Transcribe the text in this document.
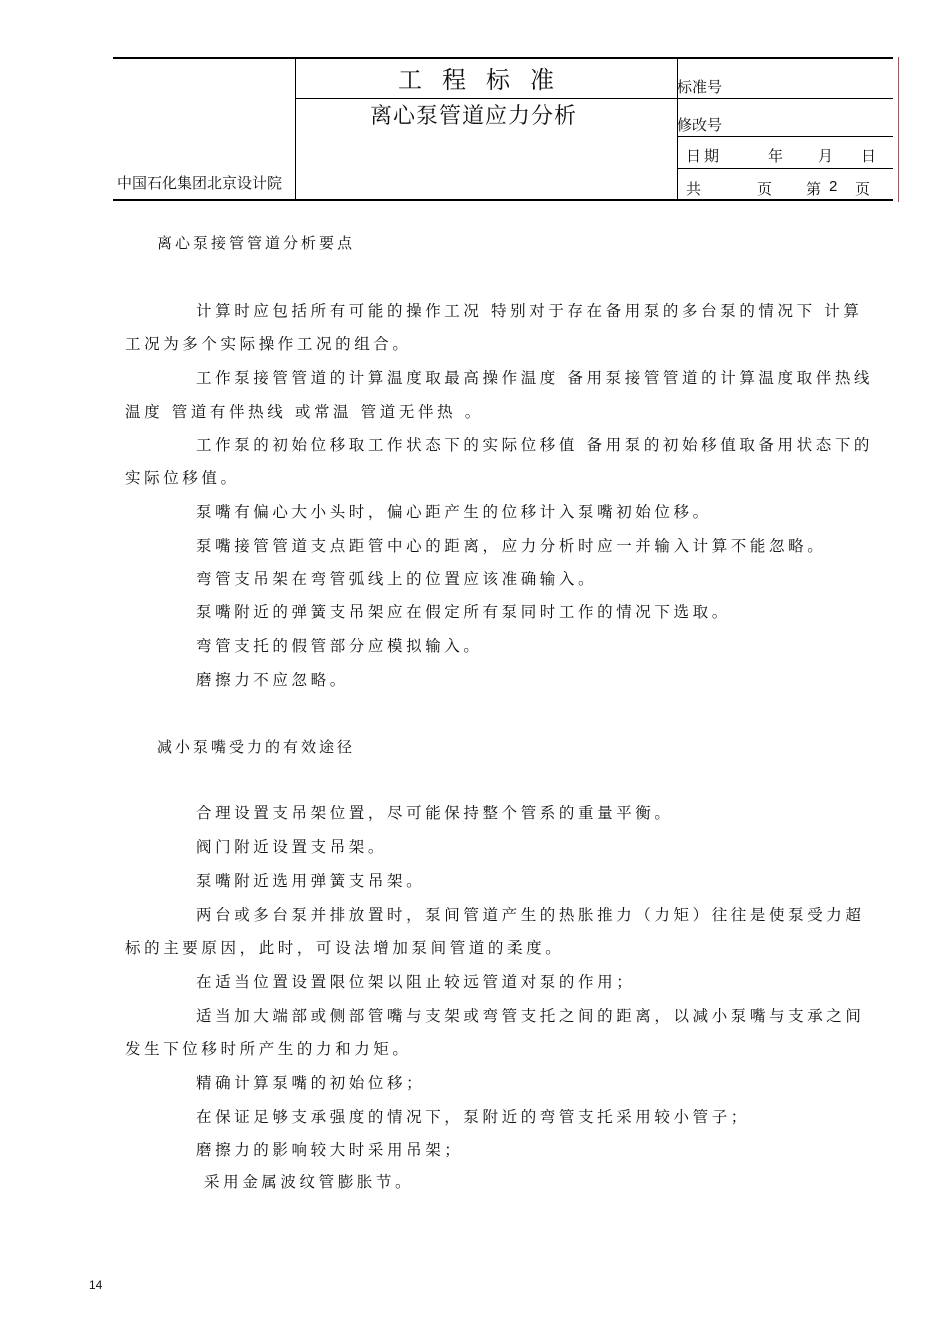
工程标准
离心泵管道应力分析
中国石化集团北京设计院
标准号
修改号
日期	年 月 日
共	页 第 2 页
离心泵接管管道分析要点
计算时应包括所有可能的操作工况 特别对于存在备用泵的多台泵的情况下 计算
工况为多个实际操作工况的组合。
工作泵接管管道的计算温度取最高操作温度 备用泵接管管道的计算温度取伴热线
温度 管道有伴热线 或常温 管道无伴热 。
工作泵的初始位移取工作状态下的实际位移值 备用泵的初始移值取备用状态下的
实际位移值。
泵嘴有偏心大小头时，偏心距产生的位移计入泵嘴初始位移。
泵嘴接管管道支点距管中心的距离，应力分析时应一并输入计算不能忽略。
弯管支吊架在弯管弧线上的位置应该准确输入。
泵嘴附近的弹簧支吊架应在假定所有泵同时工作的情况下选取。
弯管支托的假管部分应模拟输入。
磨擦力不应忽略。
减小泵嘴受力的有效途径
合理设置支吊架位置，尽可能保持整个管系的重量平衡。
阀门附近设置支吊架。
泵嘴附近选用弹簧支吊架。
两台或多台泵并排放置时，泵间管道产生的热胀推力（力矩）往往是使泵受力超
标的主要原因，此时，可设法增加泵间管道的柔度。
在适当位置设置限位架以阻止较远管道对泵的作用；
适当加大端部或侧部管嘴与支架或弯管支托之间的距离，以减小泵嘴与支承之间
发生下位移时所产生的力和力矩。
精确计算泵嘴的初始位移；
在保证足够支承强度的情况下，泵附近的弯管支托采用较小管子；
磨擦力的影响较大时采用吊架；
采用金属波纹管膨胀节。
14
